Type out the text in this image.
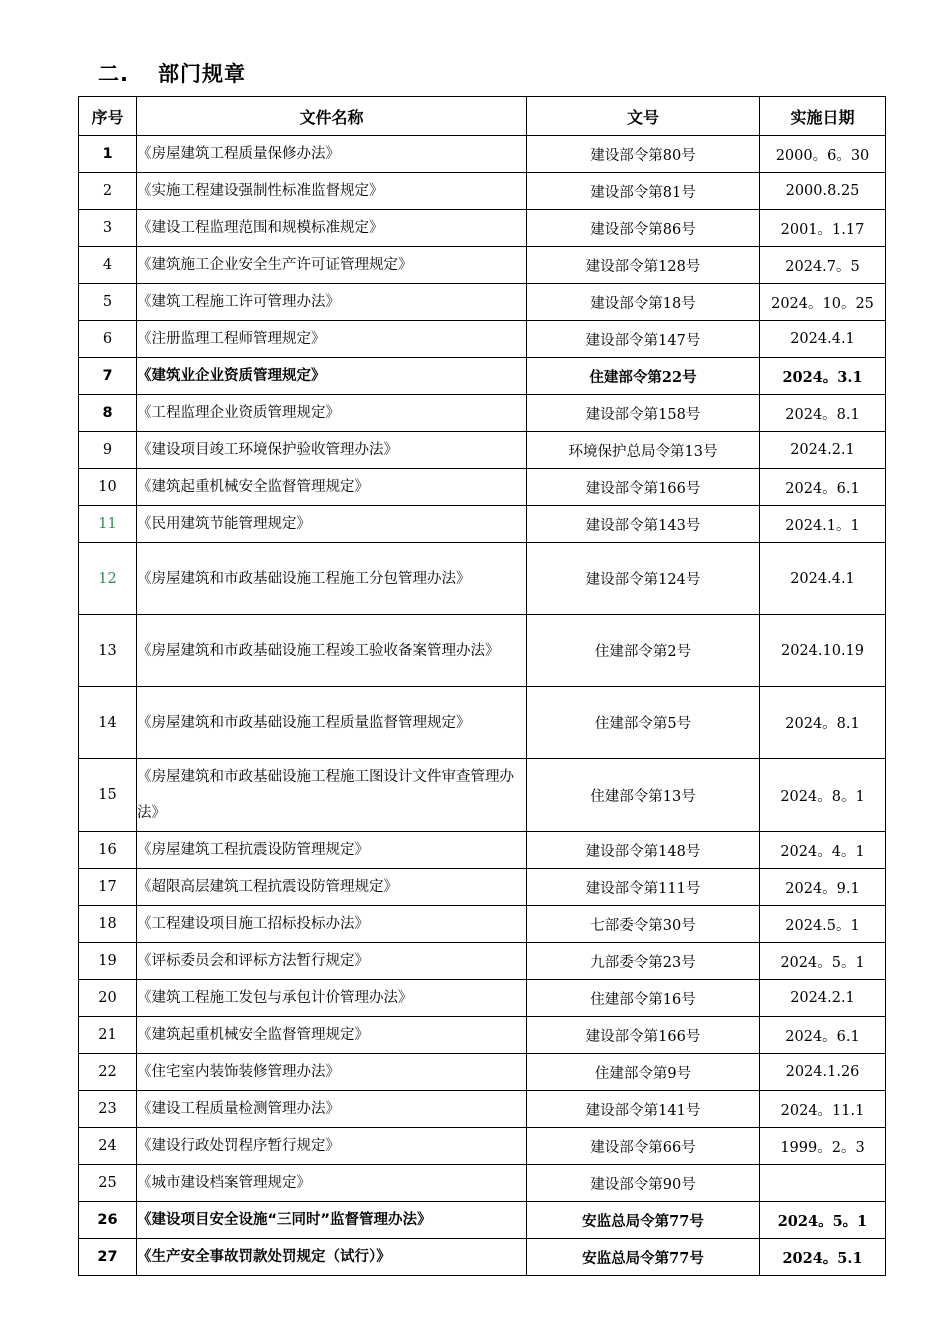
二. 部门规章
序号	文件名称	文号	实施日期
1	《房屋建筑工程质量保修办法》	建设部令第80号	2000。6。30
2	《实施工程建设强制性标准监督规定》	建设部令第81号	2000.8.25
3	《建设工程监理范围和规模标准规定》	建设部令第86号	2001。1.17
4	《建筑施工企业安全生产许可证管理规定》	建设部令第128号	2024.7。5
5	《建筑工程施工许可管理办法》	建设部令第18号	2024。10。25
6	《注册监理工程师管理规定》	建设部令第147号	2024.4.1
7	《建筑业企业资质管理规定》	住建部令第22号	2024。3.1
8	《工程监理企业资质管理规定》	建设部令第158号	2024。8.1
9	《建设项目竣工环境保护验收管理办法》	环境保护总局令第13号	2024.2.1
10	《建筑起重机械安全监督管理规定》	建设部令第166号	2024。6.1
11	《民用建筑节能管理规定》	建设部令第143号	2024.1。1
12	《房屋建筑和市政基础设施工程施工分包管理办法》	建设部令第124号	2024.4.1
13	《房屋建筑和市政基础设施工程竣工验收备案管理办法》	住建部令第2号	2024.10.19
14	《房屋建筑和市政基础设施工程质量监督管理规定》	住建部令第5号	2024。8.1
15	《房屋建筑和市政基础设施工程施工图设计文件审查管理办法》	住建部令第13号	2024。8。1
16	《房屋建筑工程抗震设防管理规定》	建设部令第148号	2024。4。1
17	《超限高层建筑工程抗震设防管理规定》	建设部令第111号	2024。9.1
18	《工程建设项目施工招标投标办法》	七部委令第30号	2024.5。1
19	《评标委员会和评标方法暂行规定》	九部委令第23号	2024。5。1
20	《建筑工程施工发包与承包计价管理办法》	住建部令第16号	2024.2.1
21	《建筑起重机械安全监督管理规定》	建设部令第166号	2024。6.1
22	《住宅室内装饰装修管理办法》	住建部令第9号	2024.1.26
23	《建设工程质量检测管理办法》	建设部令第141号	2024。11.1
24	《建设行政处罚程序暂行规定》	建设部令第66号	1999。2。3
25	《城市建设档案管理规定》	建设部令第90号	
26	《建设项目安全设施“三同时”监督管理办法》	安监总局令第77号	2024。5。1
27	《生产安全事故罚款处罚规定（试行）》	安监总局令第77号	2024。5.1
